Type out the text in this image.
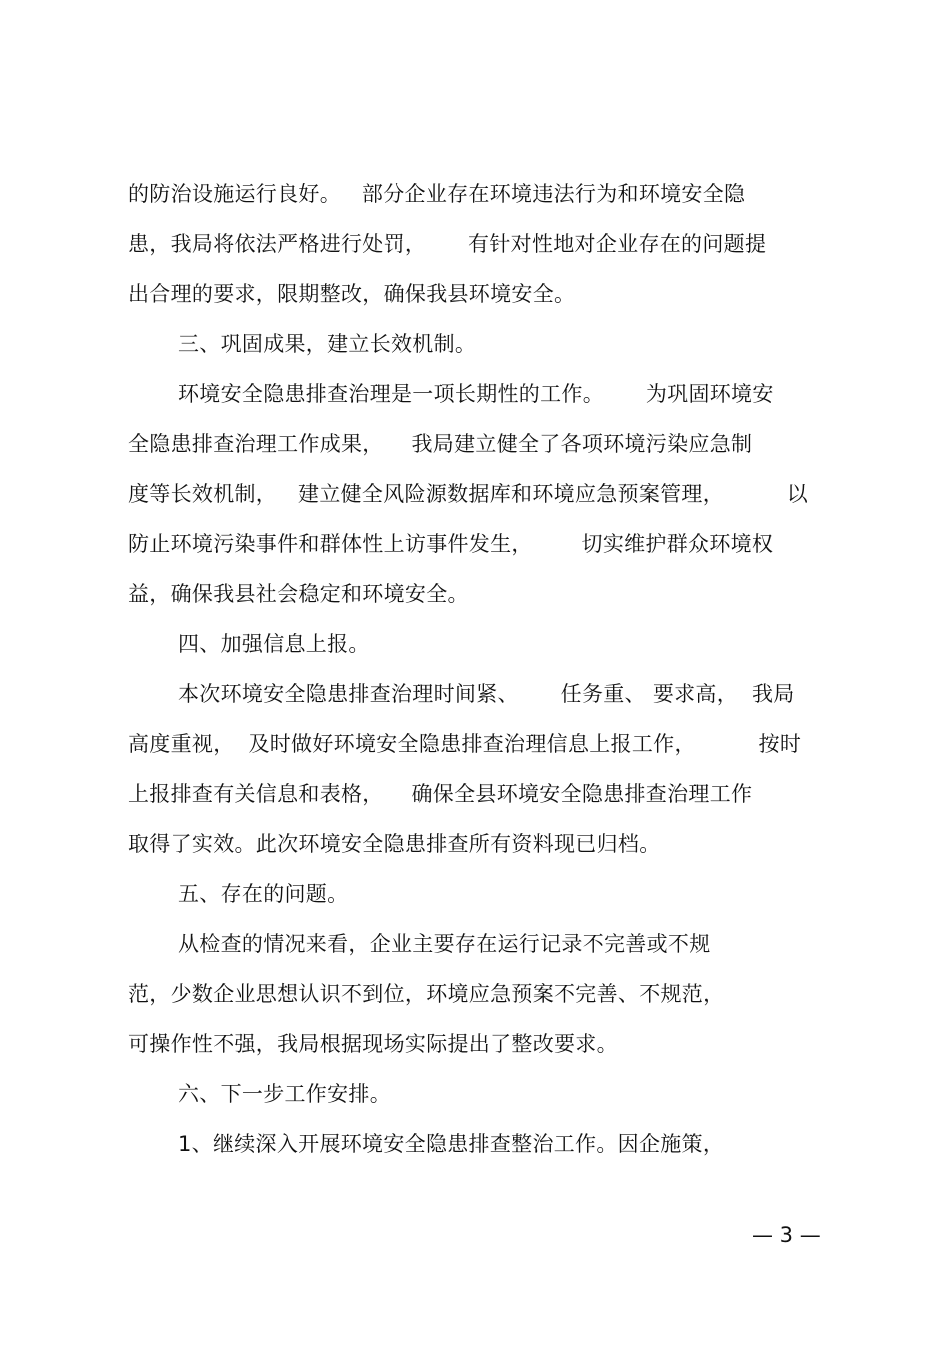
的防治设施运行良好。   部分企业存在环境违法行为和环境安全隐
患，我局将依法严格进行处罚，      有针对性地对企业存在的问题提
出合理的要求，限期整改，确保我县环境安全。
三、巩固成果，建立长效机制。
环境安全隐患排查治理是一项长期性的工作。      为巩固环境安
全隐患排查治理工作成果，    我局建立健全了各项环境污染应急制
度等长效机制，   建立健全风险源数据库和环境应急预案管理，         以
防止环境污染事件和群体性上访事件发生，       切实维护群众环境权
益，确保我县社会稳定和环境安全。
四、加强信息上报。
本次环境安全隐患排查治理时间紧、      任务重、 要求高，  我局
高度重视，  及时做好环境安全隐患排查治理信息上报工作，         按时
上报排查有关信息和表格，    确保全县环境安全隐患排查治理工作
取得了实效。此次环境安全隐患排查所有资料现已归档。
五、存在的问题。
从检查的情况来看，企业主要存在运行记录不完善或不规
范，少数企业思想认识不到位，环境应急预案不完善、不规范，
可操作性不强，我局根据现场实际提出了整改要求。
六、下一步工作安排。
1、继续深入开展环境安全隐患排查整治工作。因企施策，
— 3 —
